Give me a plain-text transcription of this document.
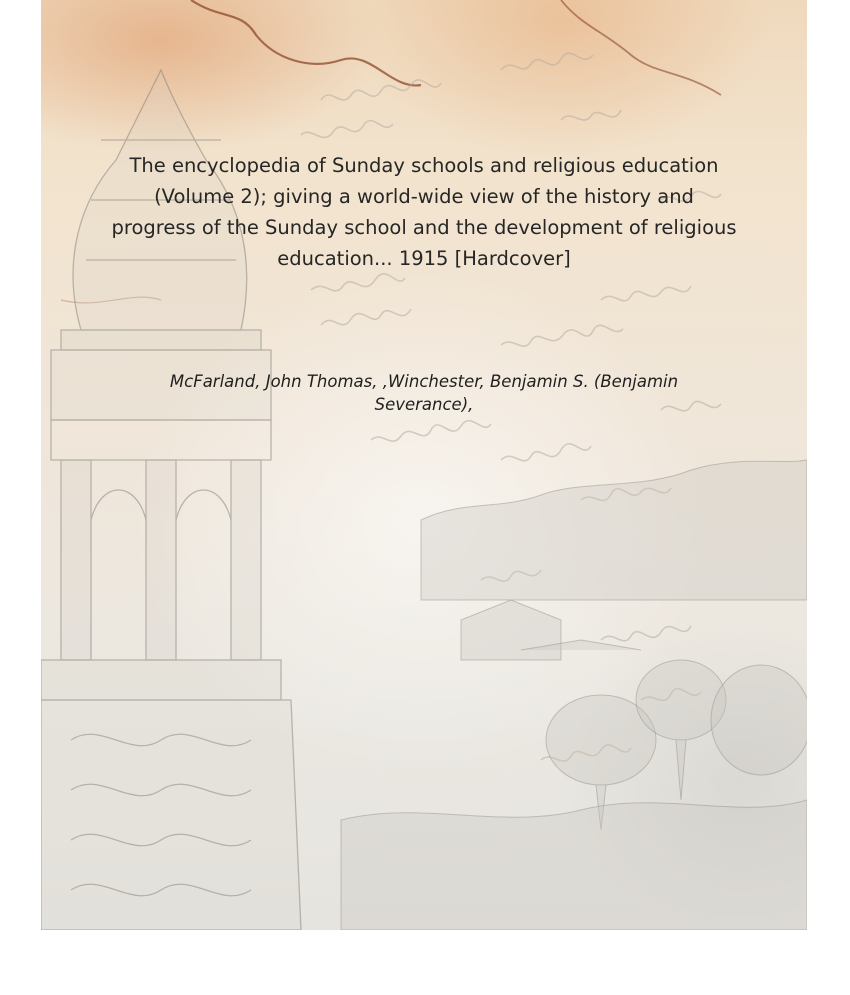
The encyclopedia of Sunday schools and religious education (Volume 2); giving a world-wide view of the history and progress of the Sunday school and the development of religious education... 1915 [Hardcover]
McFarland, John Thomas, ,Winchester, Benjamin S. (Benjamin Severance),
